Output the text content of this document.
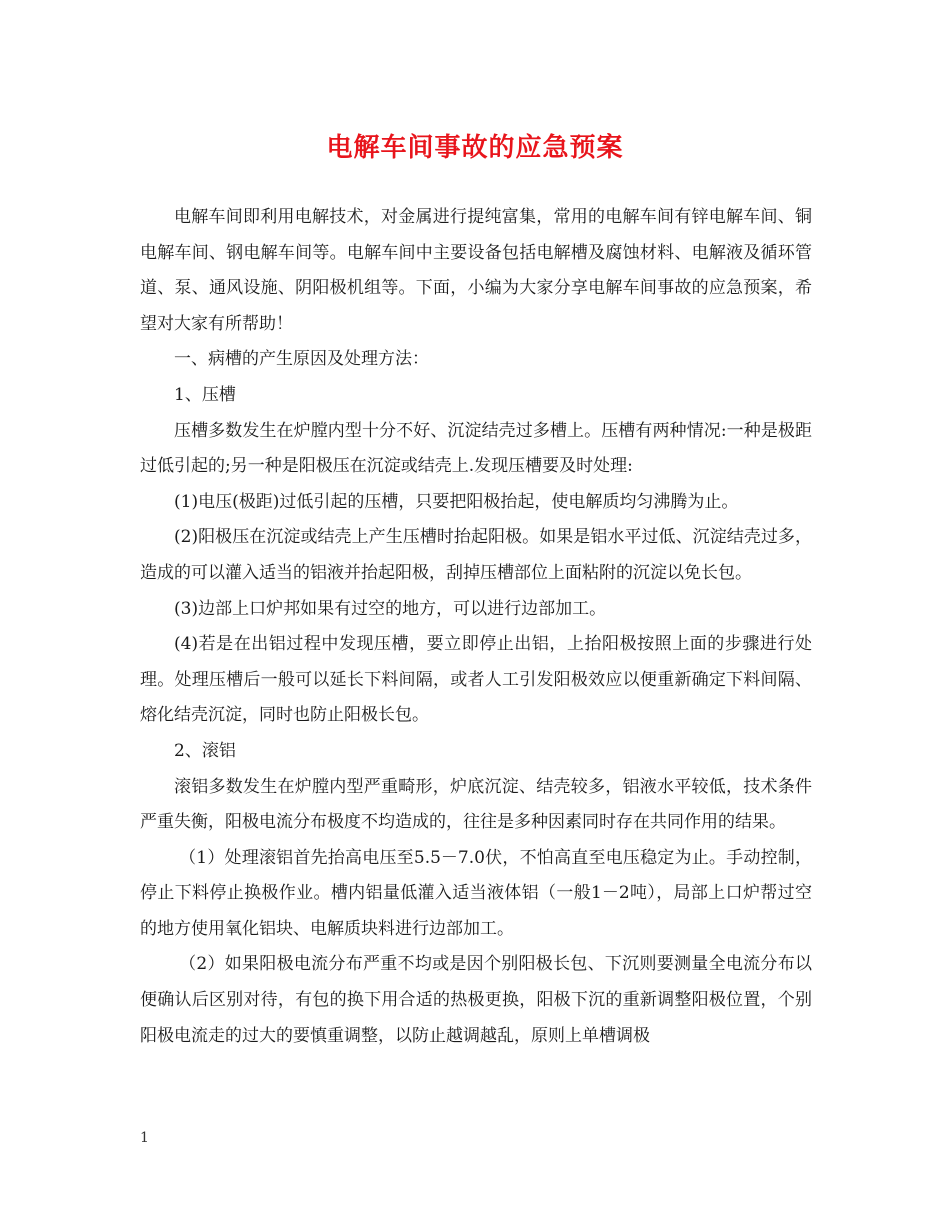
电解车间事故的应急预案

电解车间即利用电解技术，对金属进行提纯富集，常用的电解车间有锌电解车间、铜电解车间、钢电解车间等。电解车间中主要设备包括电解槽及腐蚀材料、电解液及循环管道、泵、通风设施、阴阳极机组等。下面，小编为大家分享电解车间事故的应急预案，希望对大家有所帮助！

一、病槽的产生原因及处理方法：

1、压槽

压槽多数发生在炉膛内型十分不好、沉淀结壳过多槽上。压槽有两种情况:一种是极距过低引起的;另一种是阳极压在沉淀或结壳上.发现压槽要及时处理:

(1)电压(极距)过低引起的压槽，只要把阳极抬起，使电解质均匀沸腾为止。

(2)阳极压在沉淀或结壳上产生压槽时抬起阳极。如果是铝水平过低、沉淀结壳过多，造成的可以灌入适当的铝液并抬起阳极，刮掉压槽部位上面粘附的沉淀以免长包。

(3)边部上口炉邦如果有过空的地方，可以进行边部加工。

(4)若是在出铝过程中发现压槽，要立即停止出铝，上抬阳极按照上面的步骤进行处理。处理压槽后一般可以延长下料间隔，或者人工引发阳极效应以便重新确定下料间隔、熔化结壳沉淀，同时也防止阳极长包。

2、滚铝

滚铝多数发生在炉膛内型严重畸形，炉底沉淀、结壳较多，铝液水平较低，技术条件严重失衡，阳极电流分布极度不均造成的，往往是多种因素同时存在共同作用的结果。

（1）处理滚铝首先抬高电压至5.5－7.0伏，不怕高直至电压稳定为止。手动控制，停止下料停止换极作业。槽内铝量低灌入适当液体铝（一般1－2吨），局部上口炉帮过空的地方使用氧化铝块、电解质块料进行边部加工。

（2）如果阳极电流分布严重不均或是因个别阳极长包、下沉则要测量全电流分布以便确认后区别对待，有包的换下用合适的热极更换，阳极下沉的重新调整阳极位置，个别阳极电流走的过大的要慎重调整，以防止越调越乱，原则上单槽调极

1
